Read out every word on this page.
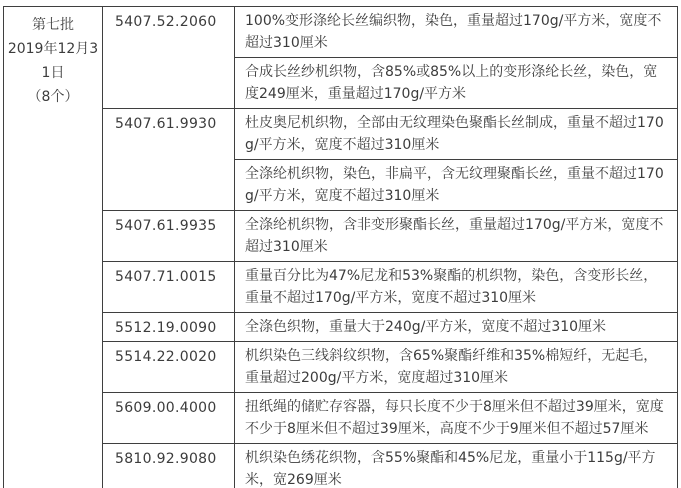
第七批
2019年12月31日
（8个）	5407.52.2060	100%变形涤纶长丝编织物，染色，重量超过170g/平方米，宽度不超过310厘米
		合成长丝纱机织物，含85%或85%以上的变形涤纶长丝，染色，宽度249厘米，重量超过170g/平方米
	5407.61.9930	杜皮奥尼机织物，全部由无纹理染色聚酯长丝制成，重量不超过170g/平方米，宽度不超过310厘米
		全涤纶机织物，染色，非扁平，含无纹理聚酯长丝，重量不超过170g/平方米，宽度不超过310厘米
	5407.61.9935	全涤纶机织物，含非变形聚酯长丝，重量超过170g/平方米，宽度不超过310厘米
	5407.71.0015	重量百分比为47%尼龙和53%聚酯的机织物，染色，含变形长丝，重量不超过170g/平方米，宽度不超过310厘米
	5512.19.0090	全涤色织物，重量大于240g/平方米，宽度不超过310厘米
	5514.22.0020	机织染色三线斜纹织物，含65%聚酯纤维和35%棉短纤，无起毛，重量超过200g/平方米，宽度超过310厘米
	5609.00.4000	扭纸绳的储贮存容器，每只长度不少于8厘米但不超过39厘米，宽度不少于8厘米但不超过39厘米，高度不少于9厘米但不超过57厘米
	5810.92.9080	机织染色绣花织物，含55%聚酯和45%尼龙，重量小于115g/平方米，宽269厘米
